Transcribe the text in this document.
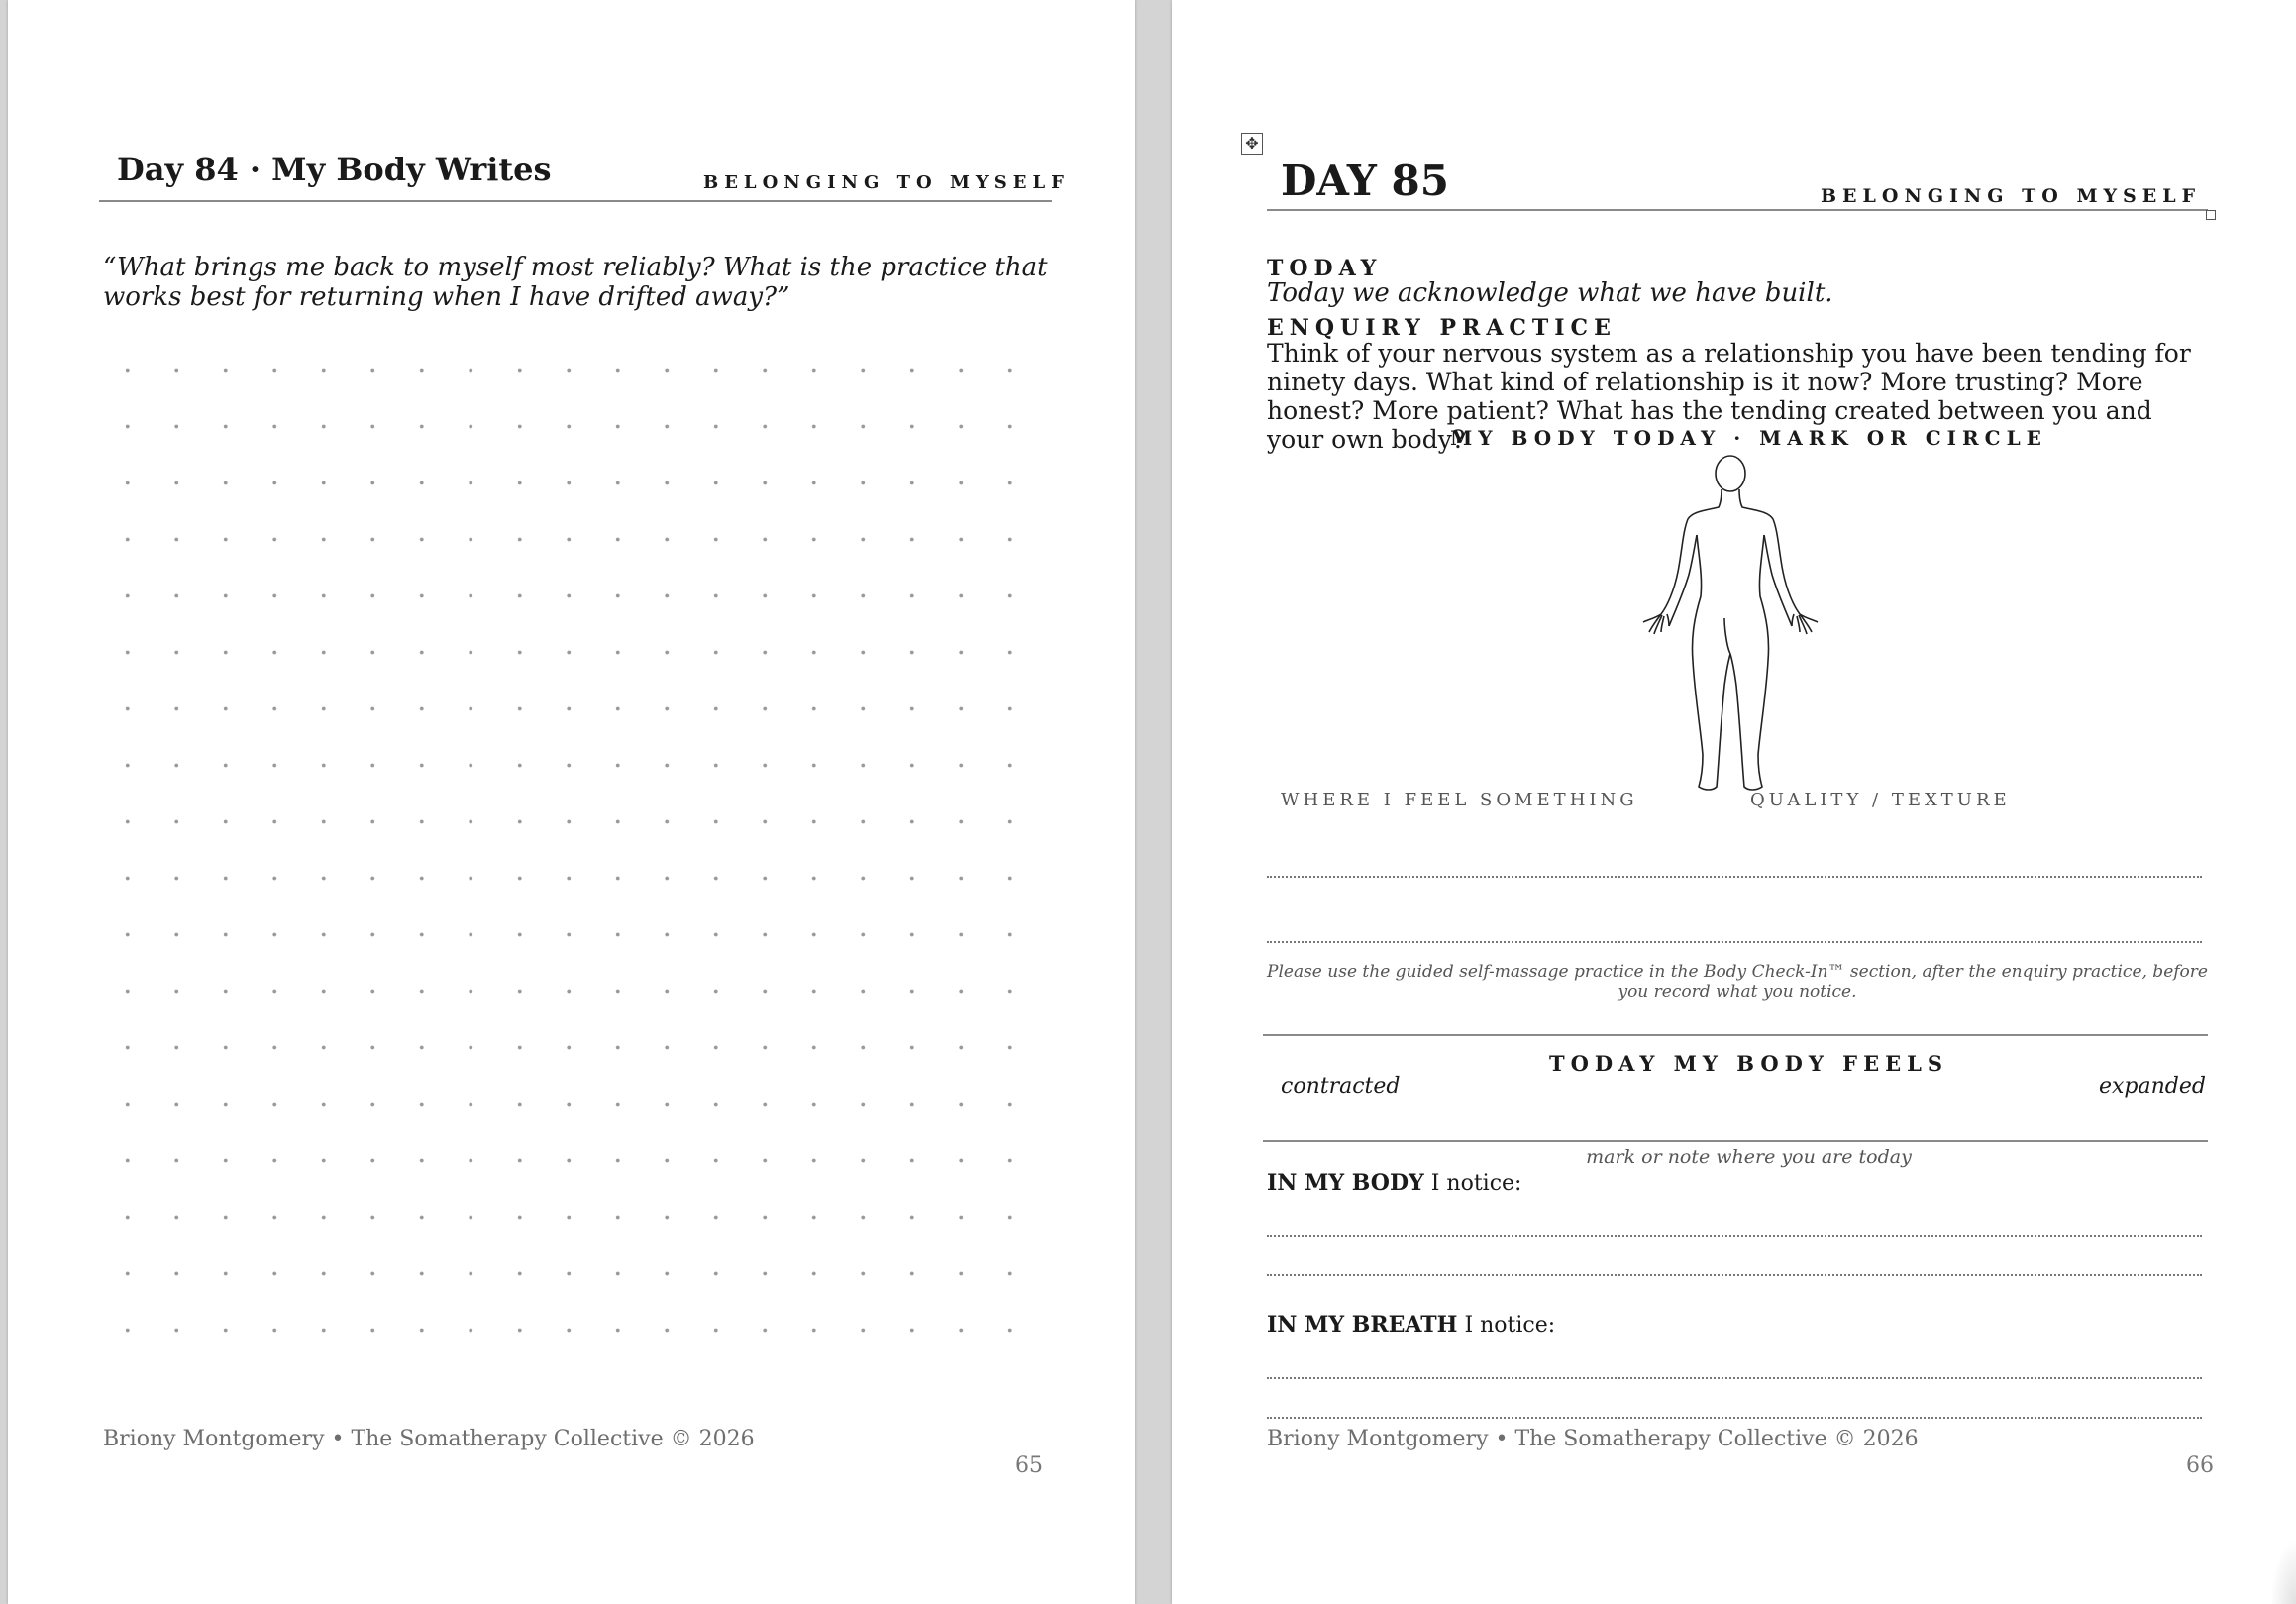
Day 84 · My Body Writes	BELONGING TO MYSELF
“What brings me back to myself most reliably? What is the practice that works best for returning when I have drifted away?”
Briony Montgomery • The Somatherapy Collective © 2026
65
✥
DAY 85	BELONGING TO MYSELF
TODAY
Today we acknowledge what we have built.
ENQUIRY PRACTICE
Think of your nervous system as a relationship you have been tending for ninety days. What kind of relationship is it now? More trusting? More honest? More patient? What has the tending created between you and your own body?
MY BODY TODAY · MARK OR CIRCLE
WHERE I FEEL SOMETHING	QUALITY / TEXTURE
Please use the guided self-massage practice in the Body Check-In™ section, after the enquiry practice, before you record what you notice.
TODAY MY BODY FEELS
contracted	expanded
mark or note where you are today
IN MY BODY I notice:
IN MY BREATH I notice:
Briony Montgomery • The Somatherapy Collective © 2026
66
